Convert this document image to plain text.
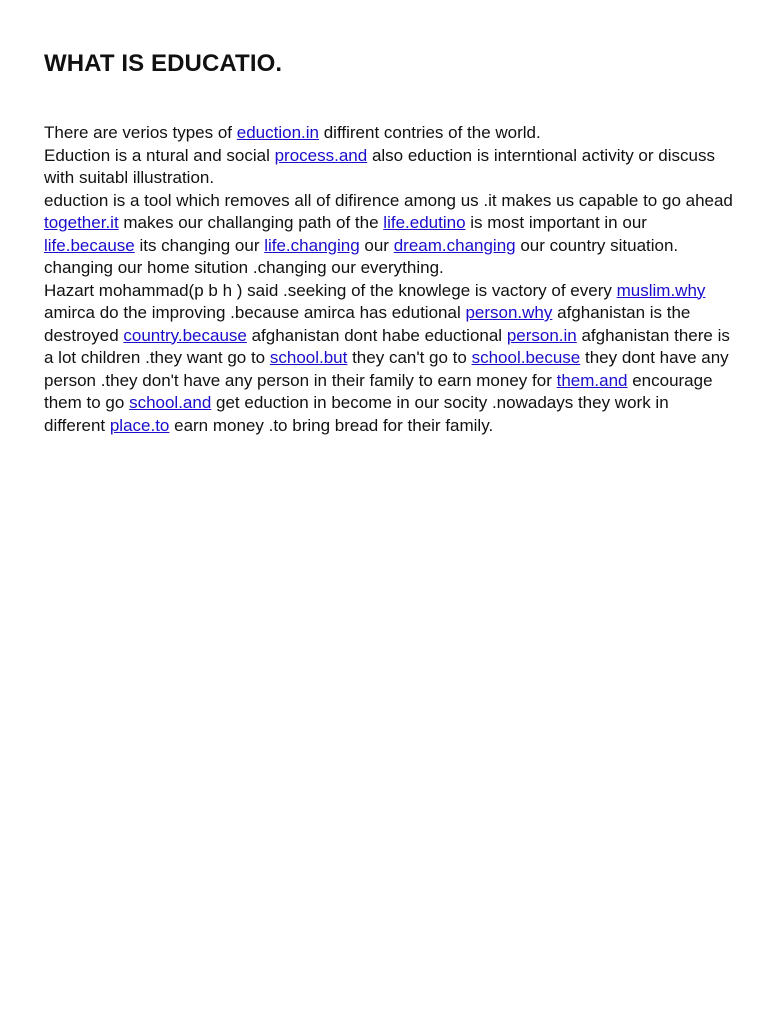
WHAT IS EDUCATIO.
There are verios types of eduction.in diffirent contries of the world.
Eduction is a ntural and social process.and also eduction is interntional activity or discuss with suitabl illustration.
eduction is a tool which removes all of difirence among us .it makes us capable to go ahead together.it makes our challanging path of the life.edutino is most important in our life.because its changing our life.changing our dream.changing our country situation. changing our home sitution .changing our everything.
Hazart mohammad(p b h ) said .seeking of the knowlege is vactory of every muslim.why amirca do the improving .because amirca has edutional person.why afghanistan is the destroyed country.because afghanistan dont habe eductional person.in afghanistan there is a lot children .they want go to school.but they can't go to school.becuse they dont have any person .they don't have any person in their family to earn money for them.and encourage them to go school.and get eduction in become in our socity .nowadays they work in different place.to earn money .to bring bread for their family.
